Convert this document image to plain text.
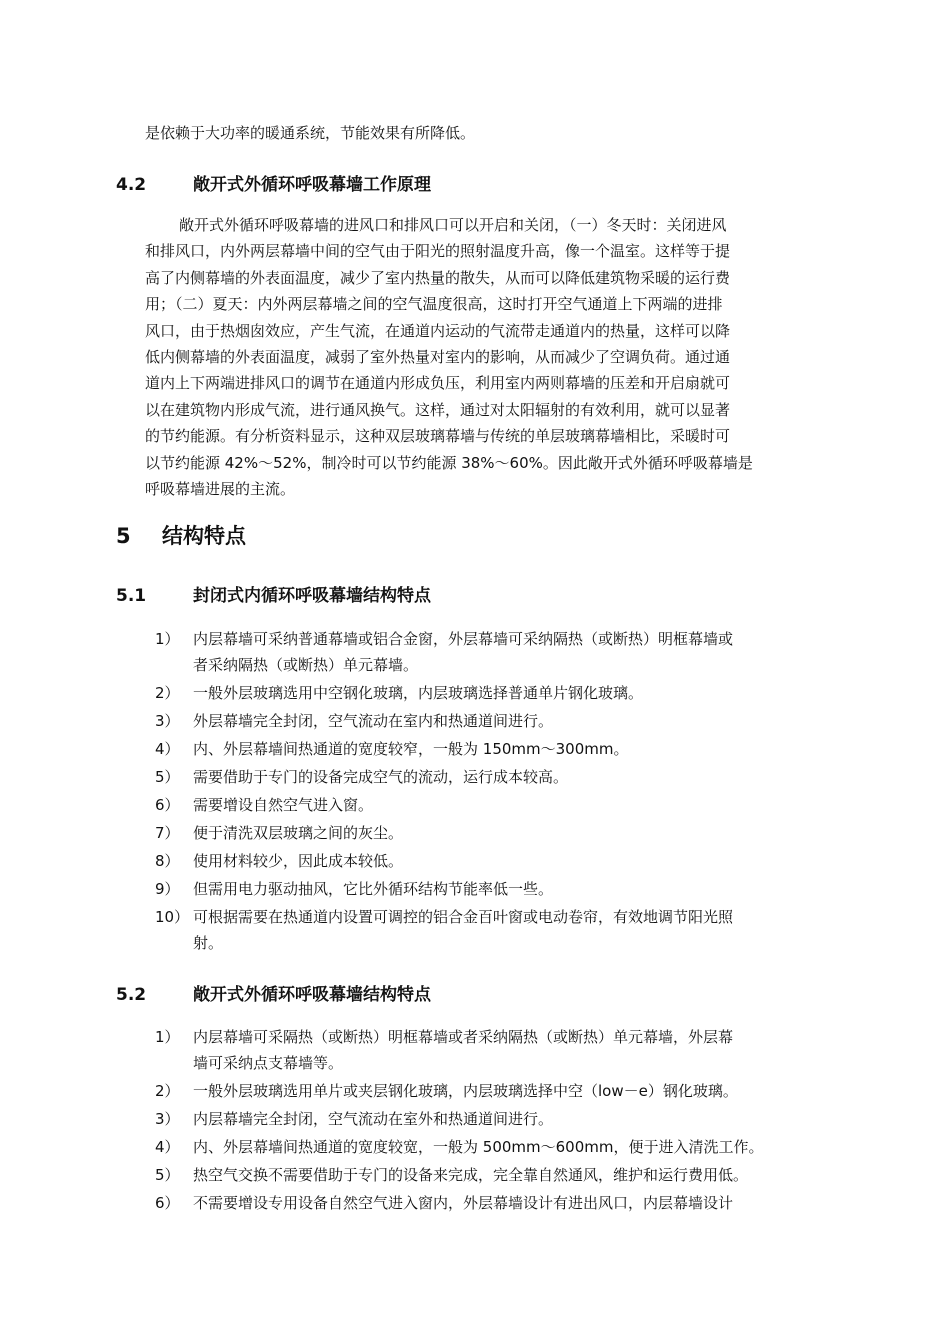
是依赖于大功率的暖通系统，节能效果有所降低。
4.2	敞开式外循环呼吸幕墙工作原理
敞开式外循环呼吸幕墙的进风口和排风口可以开启和关闭，（一）冬天时：关闭进风
和排风口，内外两层幕墙中间的空气由于阳光的照射温度升高，像一个温室。这样等于提
高了内侧幕墙的外表面温度，减少了室内热量的散失，从而可以降低建筑物采暖的运行费
用；（二）夏天：内外两层幕墙之间的空气温度很高，这时打开空气通道上下两端的进排
风口，由于热烟囱效应，产生气流，在通道内运动的气流带走通道内的热量，这样可以降
低内侧幕墙的外表面温度，减弱了室外热量对室内的影响，从而减少了空调负荷。通过通
道内上下两端进排风口的调节在通道内形成负压，利用室内两则幕墙的压差和开启扇就可
以在建筑物内形成气流，进行通风换气。这样，通过对太阳辐射的有效利用，就可以显著
的节约能源。有分析资料显示，这种双层玻璃幕墙与传统的单层玻璃幕墙相比，采暖时可
以节约能源 42%～52%，制冷时可以节约能源 38%～60%。因此敞开式外循环呼吸幕墙是
呼吸幕墙进展的主流。
5 结构特点
5.1	封闭式内循环呼吸幕墙结构特点
1） 内层幕墙可采纳普通幕墙或铝合金窗，外层幕墙可采纳隔热（或断热）明框幕墙或
者采纳隔热（或断热）单元幕墙。
2） 一般外层玻璃选用中空钢化玻璃，内层玻璃选择普通单片钢化玻璃。
3） 外层幕墙完全封闭，空气流动在室内和热通道间进行。
4） 内、外层幕墙间热通道的宽度较窄，一般为 150mm～300mm。
5） 需要借助于专门的设备完成空气的流动，运行成本较高。
6） 需要增设自然空气进入窗。
7） 便于清洗双层玻璃之间的灰尘。
8） 使用材料较少，因此成本较低。
9） 但需用电力驱动抽风，它比外循环结构节能率低一些。
10） 可根据需要在热通道内设置可调控的铝合金百叶窗或电动卷帘，有效地调节阳光照
射。
5.2	敞开式外循环呼吸幕墙结构特点
1） 内层幕墙可采隔热（或断热）明框幕墙或者采纳隔热（或断热）单元幕墙，外层幕
墙可采纳点支幕墙等。
2） 一般外层玻璃选用单片或夹层钢化玻璃，内层玻璃选择中空（low－e）钢化玻璃。
3） 内层幕墙完全封闭，空气流动在室外和热通道间进行。
4） 内、外层幕墙间热通道的宽度较宽，一般为 500mm～600mm，便于进入清洗工作。
5） 热空气交换不需要借助于专门的设备来完成，完全靠自然通风，维护和运行费用低。
6） 不需要增设专用设备自然空气进入窗内，外层幕墙设计有进出风口，内层幕墙设计
